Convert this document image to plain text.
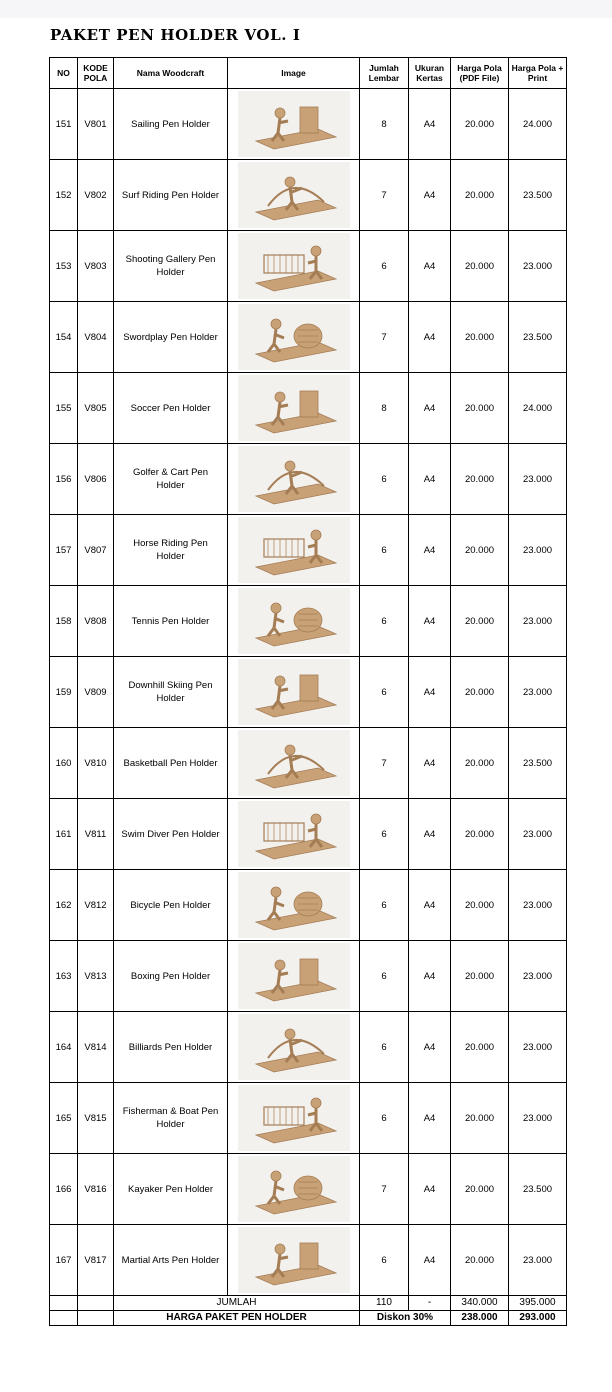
PAKET PEN HOLDER VOL. I
NO	KODE POLA	Nama Woodcraft	Image	Jumlah Lembar	Ukuran Kertas	Harga Pola (PDF File)	Harga Pola + Print
151	V801	Sailing Pen Holder		8	A4	20.000	24.000
152	V802	Surf Riding Pen Holder		7	A4	20.000	23.500
153	V803	Shooting Gallery Pen Holder		6	A4	20.000	23.000
154	V804	Swordplay Pen Holder		7	A4	20.000	23.500
155	V805	Soccer Pen Holder		8	A4	20.000	24.000
156	V806	Golfer & Cart Pen Holder		6	A4	20.000	23.000
157	V807	Horse Riding Pen Holder		6	A4	20.000	23.000
158	V808	Tennis Pen Holder		6	A4	20.000	23.000
159	V809	Downhill Skiing Pen Holder		6	A4	20.000	23.000
160	V810	Basketball Pen Holder		7	A4	20.000	23.500
161	V811	Swim Diver Pen Holder		6	A4	20.000	23.000
162	V812	Bicycle Pen Holder		6	A4	20.000	23.000
163	V813	Boxing Pen Holder		6	A4	20.000	23.000
164	V814	Billiards Pen Holder		6	A4	20.000	23.000
165	V815	Fisherman & Boat Pen Holder		6	A4	20.000	23.000
166	V816	Kayaker Pen Holder		7	A4	20.000	23.500
167	V817	Martial Arts Pen Holder		6	A4	20.000	23.000
		JUMLAH		110	-	340.000	395.000
		HARGA PAKET PEN HOLDER		Diskon 30%		238.000	293.000
